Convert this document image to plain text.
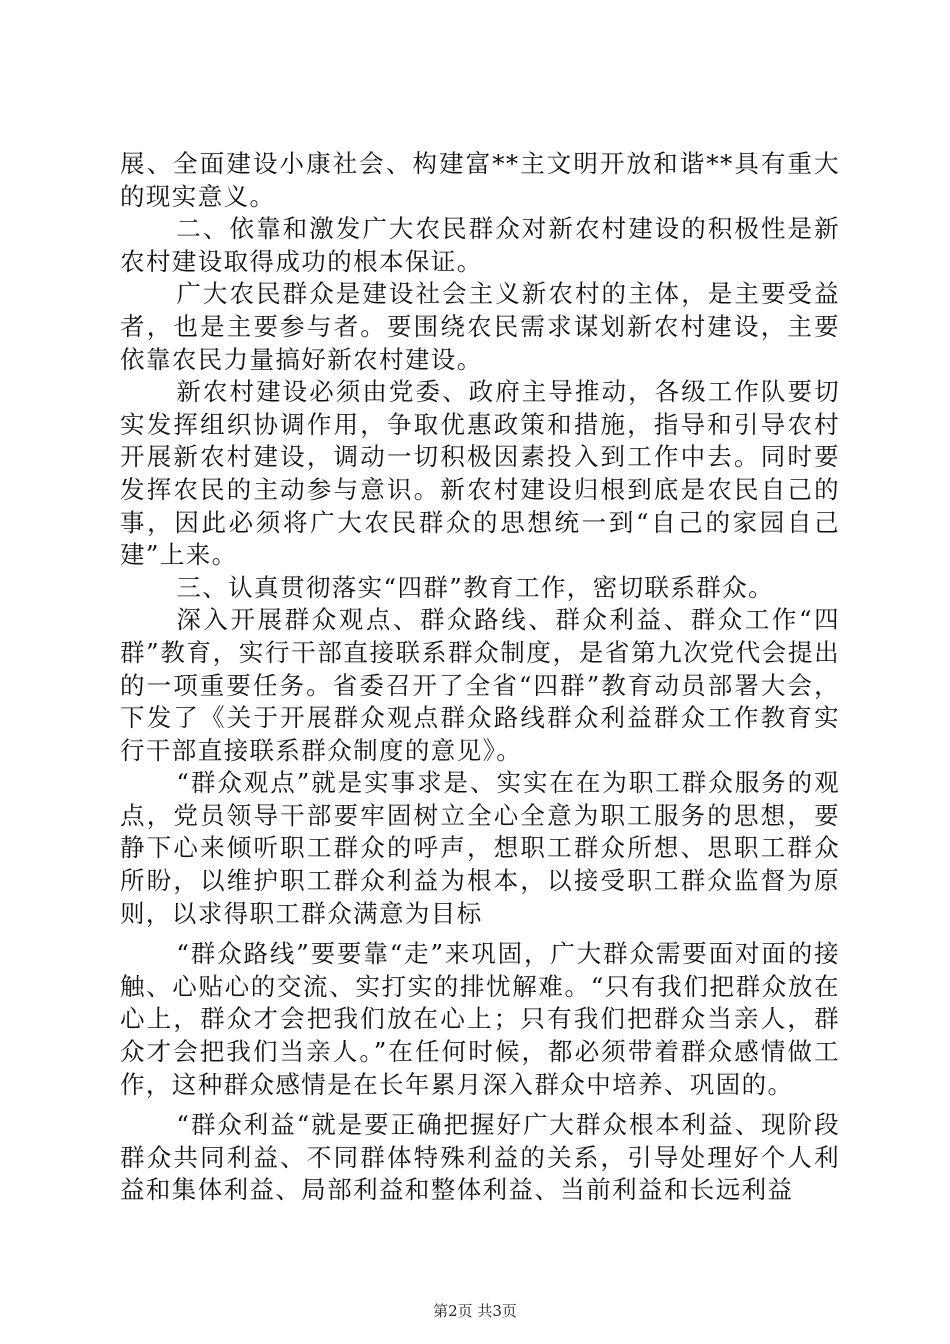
展、全面建设小康社会、构建富**主文明开放和谐**具有重大的现实意义。

二、依靠和激发广大农民群众对新农村建设的积极性是新农村建设取得成功的根本保证。

广大农民群众是建设社会主义新农村的主体，是主要受益者，也是主要参与者。要围绕农民需求谋划新农村建设，主要依靠农民力量搞好新农村建设。

新农村建设必须由党委、政府主导推动，各级工作队要切实发挥组织协调作用，争取优惠政策和措施，指导和引导农村开展新农村建设，调动一切积极因素投入到工作中去。同时要发挥农民的主动参与意识。新农村建设归根到底是农民自己的事，因此必须将广大农民群众的思想统一到“自己的家园自己建”上来。

三、认真贯彻落实“四群”教育工作，密切联系群众。

深入开展群众观点、群众路线、群众利益、群众工作“四群”教育，实行干部直接联系群众制度，是省第九次党代会提出的一项重要任务。省委召开了全省“四群”教育动员部署大会，下发了《关于开展群众观点群众路线群众利益群众工作教育实行干部直接联系群众制度的意见》。

“群众观点”就是实事求是、实实在在为职工群众服务的观点，党员领导干部要牢固树立全心全意为职工服务的思想，要静下心来倾听职工群众的呼声，想职工群众所想、思职工群众所盼，以维护职工群众利益为根本，以接受职工群众监督为原则，以求得职工群众满意为目标

“群众路线”要要靠“走”来巩固，广大群众需要面对面的接触、心贴心的交流、实打实的排忧解难。“只有我们把群众放在心上，群众才会把我们放在心上；只有我们把群众当亲人，群众才会把我们当亲人。”在任何时候，都必须带着群众感情做工作，这种群众感情是在长年累月深入群众中培养、巩固的。

“群众利益“就是要正确把握好广大群众根本利益、现阶段群众共同利益、不同群体特殊利益的关系，引导处理好个人利益和集体利益、局部利益和整体利益、当前利益和长远利益

第2页 共3页
